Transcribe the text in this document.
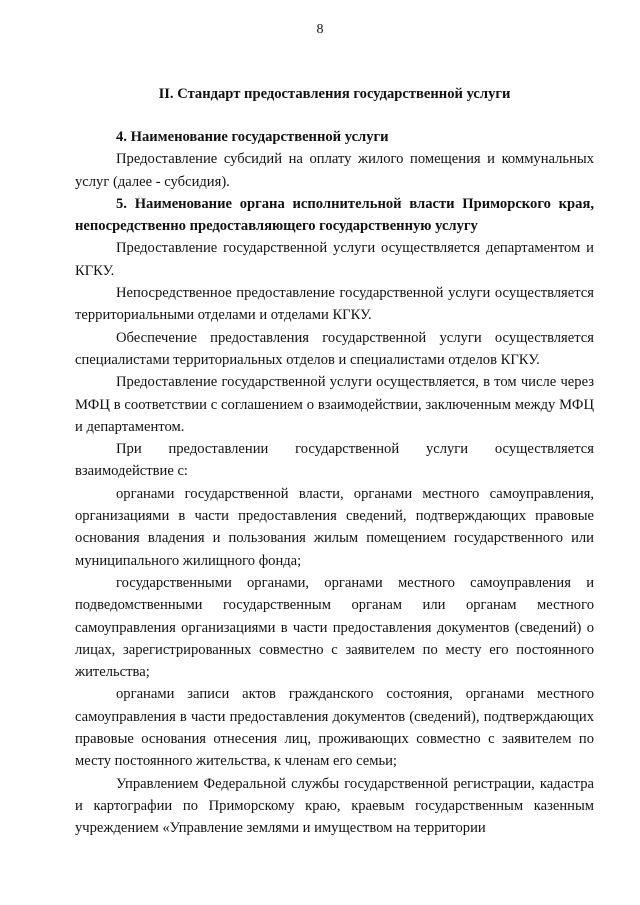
8
II. Стандарт предоставления государственной услуги

4. Наименование государственной услуги

Предоставление субсидий на оплату жилого помещения и коммунальных услуг (далее - субсидия).

5. Наименование органа исполнительной власти Приморского края, непосредственно предоставляющего государственную услугу

Предоставление государственной услуги осуществляется департаментом и КГКУ.

Непосредственное предоставление государственной услуги осуществляется территориальными отделами и отделами КГКУ.

Обеспечение предоставления государственной услуги осуществляется специалистами территориальных отделов и специалистами отделов КГКУ.

Предоставление государственной услуги осуществляется, в том числе через МФЦ в соответствии с соглашением о взаимодействии, заключенным между МФЦ и департаментом.

При предоставлении государственной услуги осуществляется взаимодействие с:

органами государственной власти, органами местного самоуправления, организациями в части предоставления сведений, подтверждающих правовые основания владения и пользования жилым помещением государственного или муниципального жилищного фонда;

государственными органами, органами местного самоуправления и подведомственными государственным органам или органам местного самоуправления организациями в части предоставления документов (сведений) о лицах, зарегистрированных совместно с заявителем по месту его постоянного жительства;

органами записи актов гражданского состояния, органами местного самоуправления в части предоставления документов (сведений), подтверждающих правовые основания отнесения лиц, проживающих совместно с заявителем по месту постоянного жительства, к членам его семьи;

Управлением Федеральной службы государственной регистрации, кадастра и картографии по Приморскому краю, краевым государственным казенным учреждением «Управление землями и имуществом на территории
